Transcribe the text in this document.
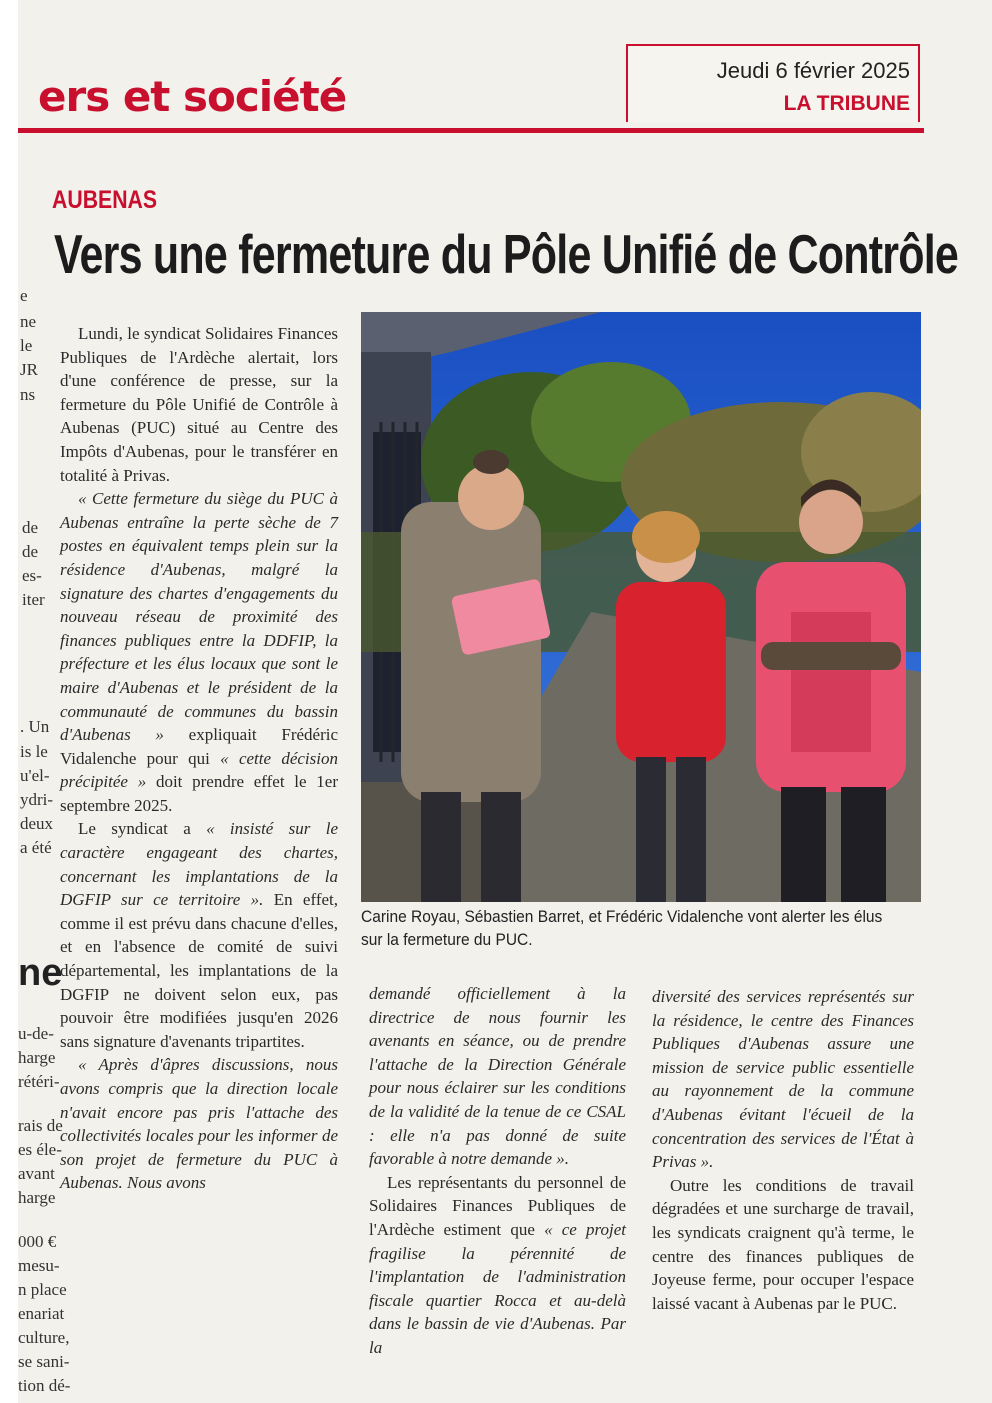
ers et société
Jeudi 6 février 2025
LA TRIBUNE
e
ne
le
JR
ns
de
de
es-
iter
. Un
is le
u'el-
ydri-
deux
a été
ne
u-de-
harge
rétéri-
rais de
es éle-
avant
harge
000 €
mesu-
n place
enariat
culture,
se sani-
tion dé-
AUBENAS
Vers une fermeture du Pôle Unifié de Contrôle

Lundi, le syndicat Solidaires Finances Publiques de l'Ardèche alertait, lors d'une conférence de presse, sur la fermeture du Pôle Unifié de Contrôle à Aubenas (PUC) situé au Centre des Impôts d'Aubenas, pour le transférer en totalité à Privas.

« Cette fermeture du siège du PUC à Aubenas entraîne la perte sèche de 7 postes en équivalent temps plein sur la résidence d'Aubenas, malgré la signature des chartes d'engagements du nouveau réseau de proximité des finances publiques entre la DDFIP, la préfecture et les élus locaux que sont le maire d'Aubenas et le président de la communauté de communes du bassin d'Aubenas » expliquait Frédéric Vidalenche pour qui « cette décision précipitée » doit prendre effet le 1er septembre 2025.

Le syndicat a « insisté sur le caractère engageant des chartes, concernant les implantations de la DGFIP sur ce territoire ». En effet, comme il est prévu dans chacune d'elles, et en l'absence de comité de suivi départemental, les implantations de la DGFIP ne doivent selon eux, pas pouvoir être modifiées jusqu'en 2026 sans signature d'avenants tripartites.

« Après d'âpres discussions, nous avons compris que la direction locale n'avait encore pas pris l'attache des collectivités locales pour les informer de son projet de fermeture du PUC à Aubenas. Nous avons

Carine Royau, Sébastien Barret, et Frédéric Vidalenche vont alerter les élus sur la fermeture du PUC.

demandé officiellement à la directrice de nous fournir les avenants en séance, ou de prendre l'attache de la Direction Générale pour nous éclairer sur les conditions de la validité de la tenue de ce CSAL : elle n'a pas donné de suite favorable à notre demande ».

Les représentants du personnel de Solidaires Finances Publiques de l'Ardèche estiment que « ce projet fragilise la pérennité de l'implantation de l'administration fiscale quartier Rocca et au-delà dans le bassin de vie d'Aubenas. Par la

diversité des services représentés sur la résidence, le centre des Finances Publiques d'Aubenas assure une mission de service public essentielle au rayonnement de la commune d'Aubenas évitant l'écueil de la concentration des services de l'État à Privas ».

Outre les conditions de travail dégradées et une surcharge de travail, les syndicats craignent qu'à terme, le centre des finances publiques de Joyeuse ferme, pour occuper l'espace laissé vacant à Aubenas par le PUC.
